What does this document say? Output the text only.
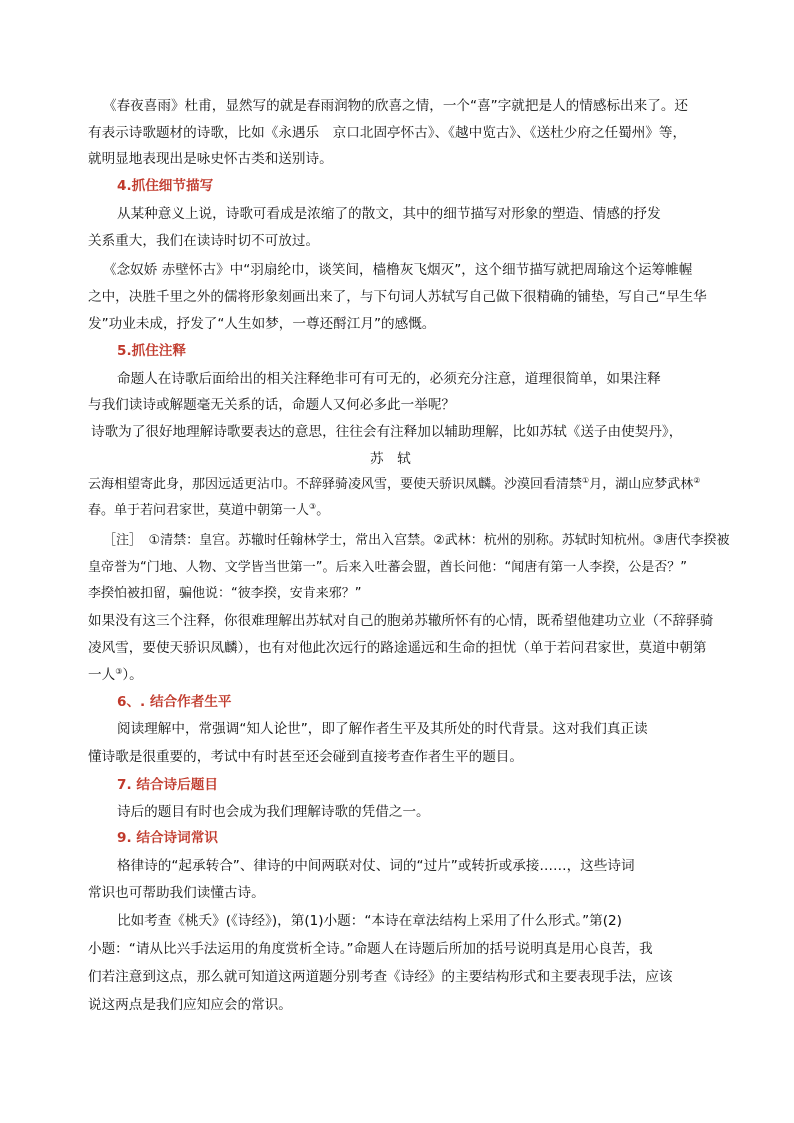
《春夜喜雨》杜甫，显然写的就是春雨润物的欣喜之情，一个“喜”字就把是人的情感标出来了。还
有表示诗歌题材的诗歌，比如《永遇乐　京口北固亭怀古》、《越中览古》、《送杜少府之任蜀州》等，
就明显地表现出是咏史怀古类和送别诗。
4.抓住细节描写
从某种意义上说，诗歌可看成是浓缩了的散文，其中的细节描写对形象的塑造、情感的抒发
关系重大，我们在读诗时切不可放过。
《念奴娇 赤壁怀古》中“羽扇纶巾，谈笑间，樯橹灰飞烟灭”，这个细节描写就把周瑜这个运筹帷幄
之中，决胜千里之外的儒将形象刻画出来了，与下句词人苏轼写自己做下很精确的铺垫，写自己“早生华
发”功业未成，抒发了“人生如梦，一尊还酹江月”的感慨。
5.抓住注释
命题人在诗歌后面给出的相关注释绝非可有可无的，必须充分注意，道理很简单，如果注释
与我们读诗或解题毫无关系的话，命题人又何必多此一举呢？
诗歌为了很好地理解诗歌要表达的意思，往往会有注释加以辅助理解，比如苏轼《送子由使契丹》，
苏　轼
云海相望寄此身，那因远适更沾巾。不辞驿骑凌风雪，要使天骄识凤麟。沙漠回看清禁①月，湖山应梦武林②
春。单于若问君家世，莫道中朝第一人③。
［注］　①清禁：皇宫。苏辙时任翰林学士，常出入宫禁。②武林：杭州的别称。苏轼时知杭州。③唐代李揆被
皇帝誉为“门地、人物、文学皆当世第一”。后来入吐蕃会盟，酋长问他：“闻唐有第一人李揆，公是否？”
李揆怕被扣留，骗他说：“彼李揆，安肯来邪？”
如果没有这三个注释，你很难理解出苏轼对自己的胞弟苏辙所怀有的心情，既希望他建功立业（不辞驿骑
凌风雪，要使天骄识凤麟），也有对他此次远行的路途遥远和生命的担忧（单于若问君家世，莫道中朝第
一人③）。
6、. 结合作者生平
阅读理解中，常强调“知人论世”，即了解作者生平及其所处的时代背景。这对我们真正读
懂诗歌是很重要的，考试中有时甚至还会碰到直接考查作者生平的题目。
7. 结合诗后题目
诗后的题目有时也会成为我们理解诗歌的凭借之一。
9. 结合诗词常识
格律诗的“起承转合”、律诗的中间两联对仗、词的“过片”或转折或承接……，这些诗词
常识也可帮助我们读懂古诗。
比如考查《桃夭》(《诗经》)，第(1)小题：“本诗在章法结构上采用了什么形式。”第(2)
小题：“请从比兴手法运用的角度赏析全诗。”命题人在诗题后所加的括号说明真是用心良苦，我
们若注意到这点，那么就可知道这两道题分别考查《诗经》的主要结构形式和主要表现手法，应该
说这两点是我们应知应会的常识。
